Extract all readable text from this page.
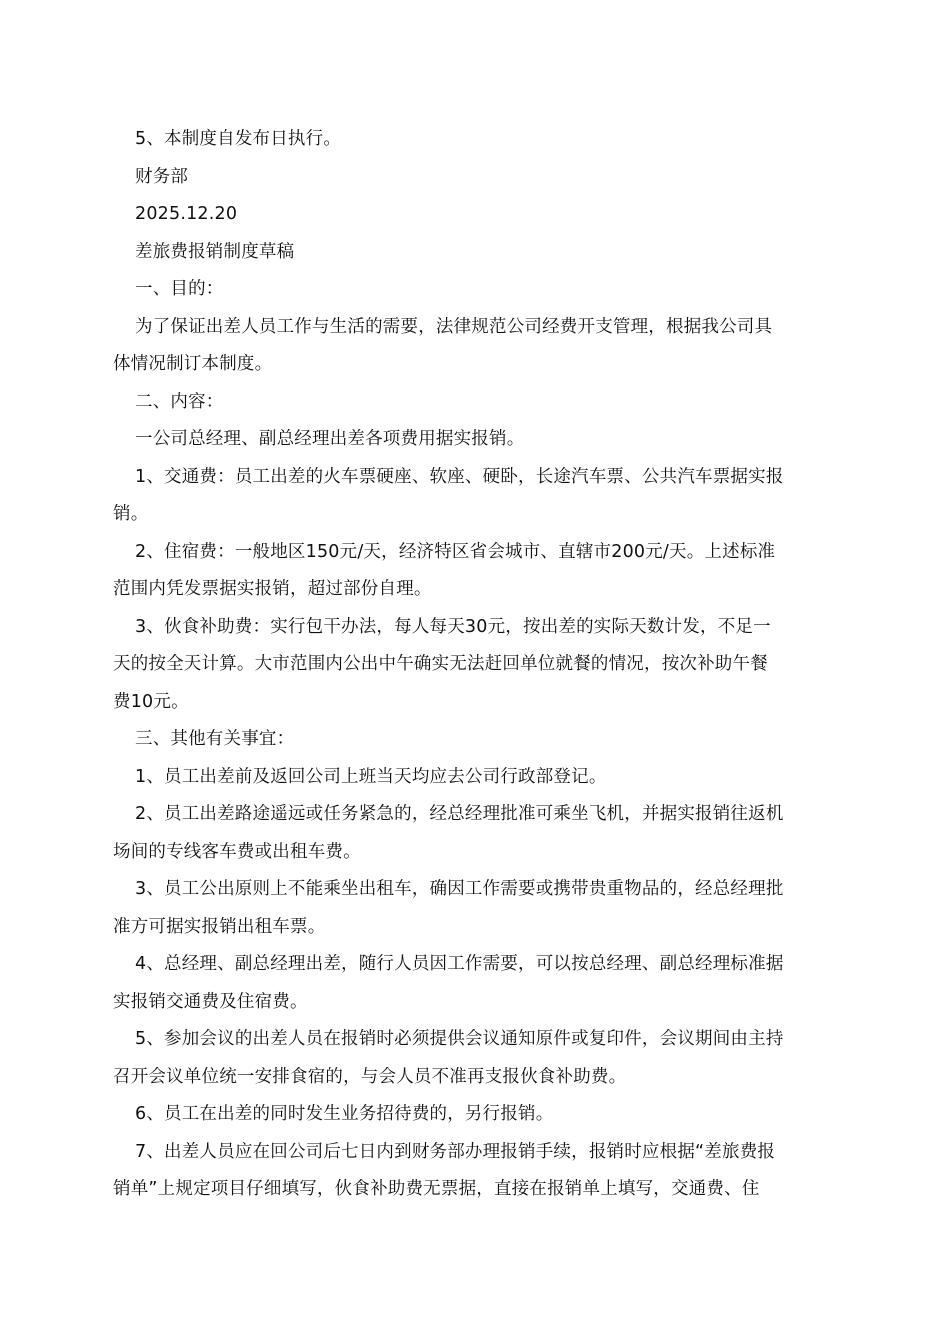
5、本制度自发布日执行。
财务部
2025.12.20
差旅费报销制度草稿
一、目的：
为了保证出差人员工作与生活的需要，法律规范公司经费开支管理，根据我公司具
体情况制订本制度。
二、内容：
一公司总经理、副总经理出差各项费用据实报销。
1、交通费：员工出差的火车票硬座、软座、硬卧，长途汽车票、公共汽车票据实报
销。
2、住宿费：一般地区150元/天，经济特区省会城市、直辖市200元/天。上述标准
范围内凭发票据实报销，超过部份自理。
3、伙食补助费：实行包干办法，每人每天30元，按出差的实际天数计发，不足一
天的按全天计算。大市范围内公出中午确实无法赶回单位就餐的情况，按次补助午餐
费10元。
三、其他有关事宜：
1、员工出差前及返回公司上班当天均应去公司行政部登记。
2、员工出差路途遥远或任务紧急的，经总经理批准可乘坐飞机，并据实报销往返机
场间的专线客车费或出租车费。
3、员工公出原则上不能乘坐出租车，确因工作需要或携带贵重物品的，经总经理批
准方可据实报销出租车票。
4、总经理、副总经理出差，随行人员因工作需要，可以按总经理、副总经理标准据
实报销交通费及住宿费。
5、参加会议的出差人员在报销时必须提供会议通知原件或复印件，会议期间由主持
召开会议单位统一安排食宿的，与会人员不准再支报伙食补助费。
6、员工在出差的同时发生业务招待费的，另行报销。
7、出差人员应在回公司后七日内到财务部办理报销手续，报销时应根据“差旅费报
销单”上规定项目仔细填写，伙食补助费无票据，直接在报销单上填写，交通费、住
